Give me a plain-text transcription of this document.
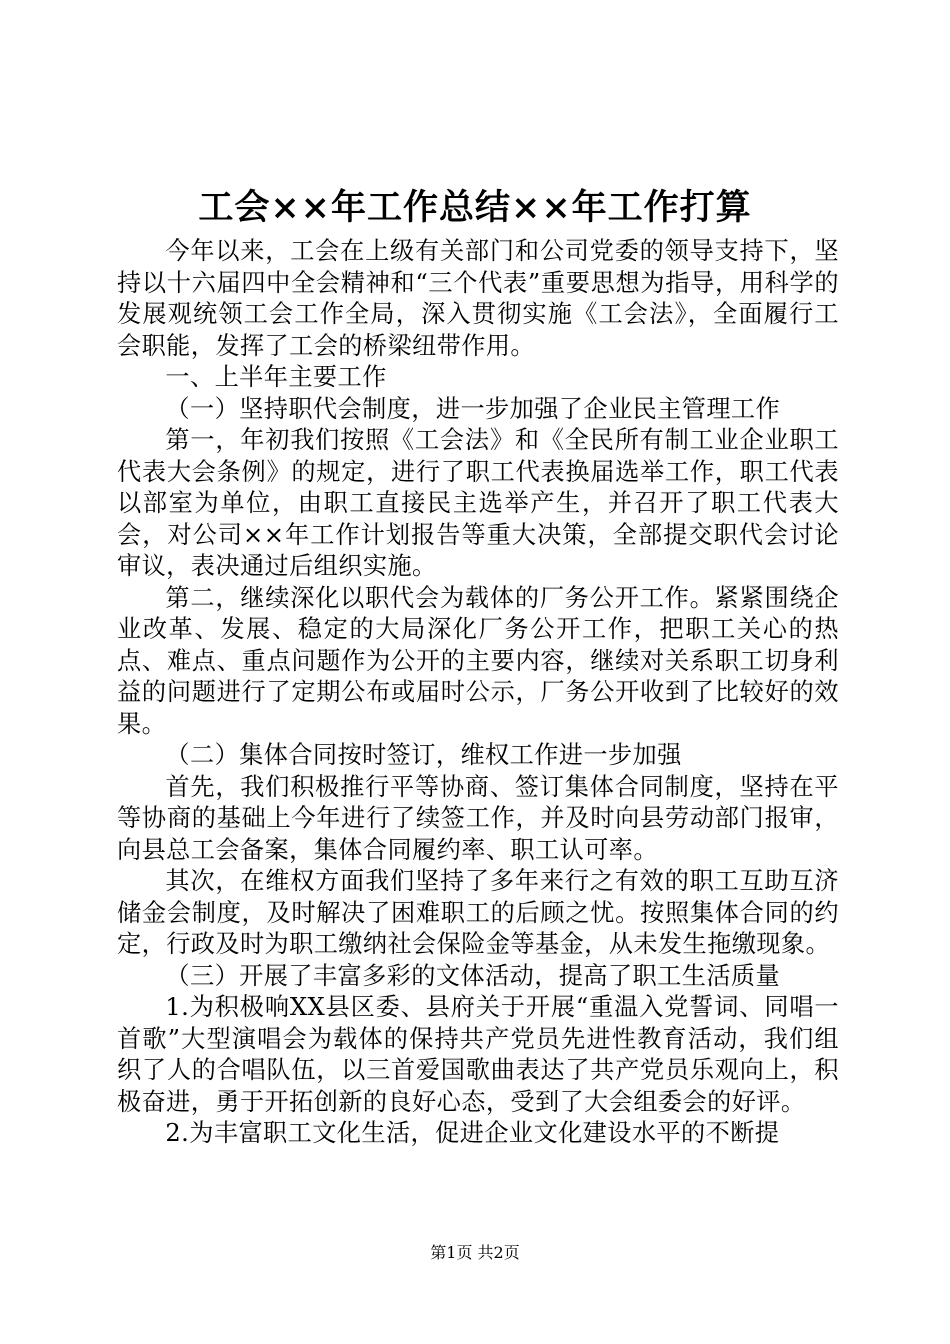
工会××年工作总结××年工作打算

今年以来，工会在上级有关部门和公司党委的领导支持下，坚持以十六届四中全会精神和“三个代表”重要思想为指导，用科学的发展观统领工会工作全局，深入贯彻实施《工会法》，全面履行工会职能，发挥了工会的桥梁纽带作用。

一、上半年主要工作

（一）坚持职代会制度，进一步加强了企业民主管理工作

第一，年初我们按照《工会法》和《全民所有制工业企业职工代表大会条例》的规定，进行了职工代表换届选举工作，职工代表以部室为单位，由职工直接民主选举产生，并召开了职工代表大会，对公司××年工作计划报告等重大决策，全部提交职代会讨论审议，表决通过后组织实施。

第二，继续深化以职代会为载体的厂务公开工作。紧紧围绕企业改革、发展、稳定的大局深化厂务公开工作，把职工关心的热点、难点、重点问题作为公开的主要内容，继续对关系职工切身利益的问题进行了定期公布或届时公示，厂务公开收到了比较好的效果。

（二）集体合同按时签订，维权工作进一步加强

首先，我们积极推行平等协商、签订集体合同制度，坚持在平等协商的基础上今年进行了续签工作，并及时向县劳动部门报审，向县总工会备案，集体合同履约率、职工认可率。

其次，在维权方面我们坚持了多年来行之有效的职工互助互济储金会制度，及时解决了困难职工的后顾之忧。按照集体合同的约定，行政及时为职工缴纳社会保险金等基金，从未发生拖缴现象。

（三）开展了丰富多彩的文体活动，提高了职工生活质量

1.为积极响XX县区委、县府关于开展“重温入党誓词、同唱一首歌”大型演唱会为载体的保持共产党员先进性教育活动，我们组织了人的合唱队伍，以三首爱国歌曲表达了共产党员乐观向上，积极奋进，勇于开拓创新的良好心态，受到了大会组委会的好评。

2.为丰富职工文化生活，促进企业文化建设水平的不断提

第1页 共2页
